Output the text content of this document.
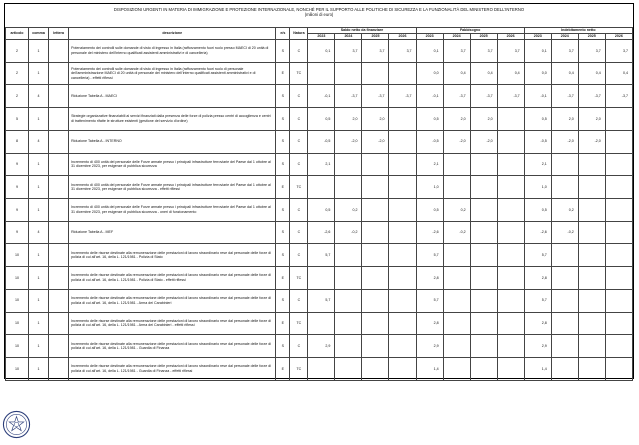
DISPOSIZIONI URGENTI IN MATERIA DI IMMIGRAZIONE E PROTEZIONE INTERNAZIONALE, NONCHÉ PER IL SUPPORTO ALLE POLITICHE DI SICUREZZA E LA FUNZIONALITÀ DEL MINISTERO DELL'INTERNO
(milioni di euro)
articolo	comma	lettera	descrizione	e/s	Natura	Saldo netto da finanziare				Fabbisogno				Indebitamento netto			
						2023	2024	2025	2026	2023	2024	2025	2026	2023	2024	2025	2026
2	1		Potenziamento dei controlli sulle domande di visto di ingresso in Italia (rafforzamento fuori ruolo presso MAECI di 20 unità di personale del ministero dell'interno qualificati assistenti amministrativi e di cancelleria)	S	C	0,1	3,7	3,7	3,7	0,1	3,7	3,7	3,7	0,1	3,7	3,7	3,7
2	1		Potenziamento dei controlli sulle domande di visto di ingresso in Italia (rafforzamento fuori ruolo di personale dell'amministrazione MAECI di 20 unità di personale del ministero dell'interno qualificati assistenti amministrativi e di cancelleria) - effetti riflessi	E	TC					0,0	0,4	0,4	0,4	0,0	0,4	0,4	0,4
2	4		Riduzione Tabella A - MAECI	S	C	-0,1	-3,7	-3,7	-3,7	-0,1	-3,7	-3,7	-3,7	-0,1	-3,7	-3,7	-3,7
5	1		Strategie organizzative finanziabili ai servizi finanziati dalla presenza delle forze di polizia presso centri di accoglienza e centri di trattenimento rifatte le strutture esistenti (gestione del servizio d'ordine)	S	C	0,5	2,0	2,0		0,5	2,0	2,0		0,5	2,0	2,0	
8	4		Riduzione Tabella A - INTERNO	S	C	-0,5	-2,0	-2,0		-0,5	-2,0	-2,0		-0,5	-2,0	-2,0	
9	1		Incremento di 400 unità del personale delle Forze armate presso i principali infrastrutture ferroviarie del Paese dal 1 ottobre al 31 dicembre 2023, per esigenze di pubblica sicurezza	S	C	2,1				2,1				2,1			
9	1		Incremento di 400 unità del personale delle Forze armate presso i principali infrastrutture ferroviarie del Paese dal 1 ottobre al 31 dicembre 2023, per esigenze di pubblica sicurezza - effetti riflessi	E	TC					1,0				1,0			
9	1		Incremento di 400 unità del personale delle Forze armate presso i principali infrastrutture ferroviarie del Paese dal 1 ottobre al 31 dicembre 2023, per esigenze di pubblica sicurezza - oneri di funzionamento	S	C	0,5	0,2			0,5	0,2			0,5	0,2		
9	4		Riduzione Tabella A - MEF	S	C	-2,6	-0,2			-2,6	-0,2			-2,6	-0,2		
10	1		Incremento delle risorse destinate alla remunerazione delle prestazioni di lavoro straordinario rese dal personale delle forze di polizia di cui all'art. 16, della L. 121/1981 - Polizia di Stato	S	C	5,7				5,7				5,7			
10	1		Incremento delle risorse destinate alla remunerazione delle prestazioni di lavoro straordinario rese dal personale delle forze di polizia di cui all'art. 16, della L. 121/1981 - Polizia di Stato - effetti riflessi	E	TC					2,8				2,8			
10	1		Incremento delle risorse destinate alla remunerazione delle prestazioni di lavoro straordinario rese dal personale delle forze di polizia di cui all'art. 16, della L. 121/1981 - Arma dei Carabinieri	S	C	5,7				5,7				5,7			
10	1		Incremento delle risorse destinate alla remunerazione delle prestazioni di lavoro straordinario rese dal personale delle forze di polizia di cui all'art. 16, della L. 121/1981 - Arma dei Carabinieri - effetti riflessi	E	TC					2,8				2,8			
10	1		Incremento delle risorse destinate alla remunerazione delle prestazioni di lavoro straordinario rese dal personale delle forze di polizia di cui all'art. 16, della L. 121/1981 - Guardia di Finanza	S	C	2,9				2,9				2,9			
10	1		Incremento delle risorse destinate alla remunerazione delle prestazioni di lavoro straordinario rese dal personale delle forze di polizia di cui all'art. 16, della L. 121/1981 - Guardia di Finanza - effetti riflessi	E	TC					1,4				1,4			
